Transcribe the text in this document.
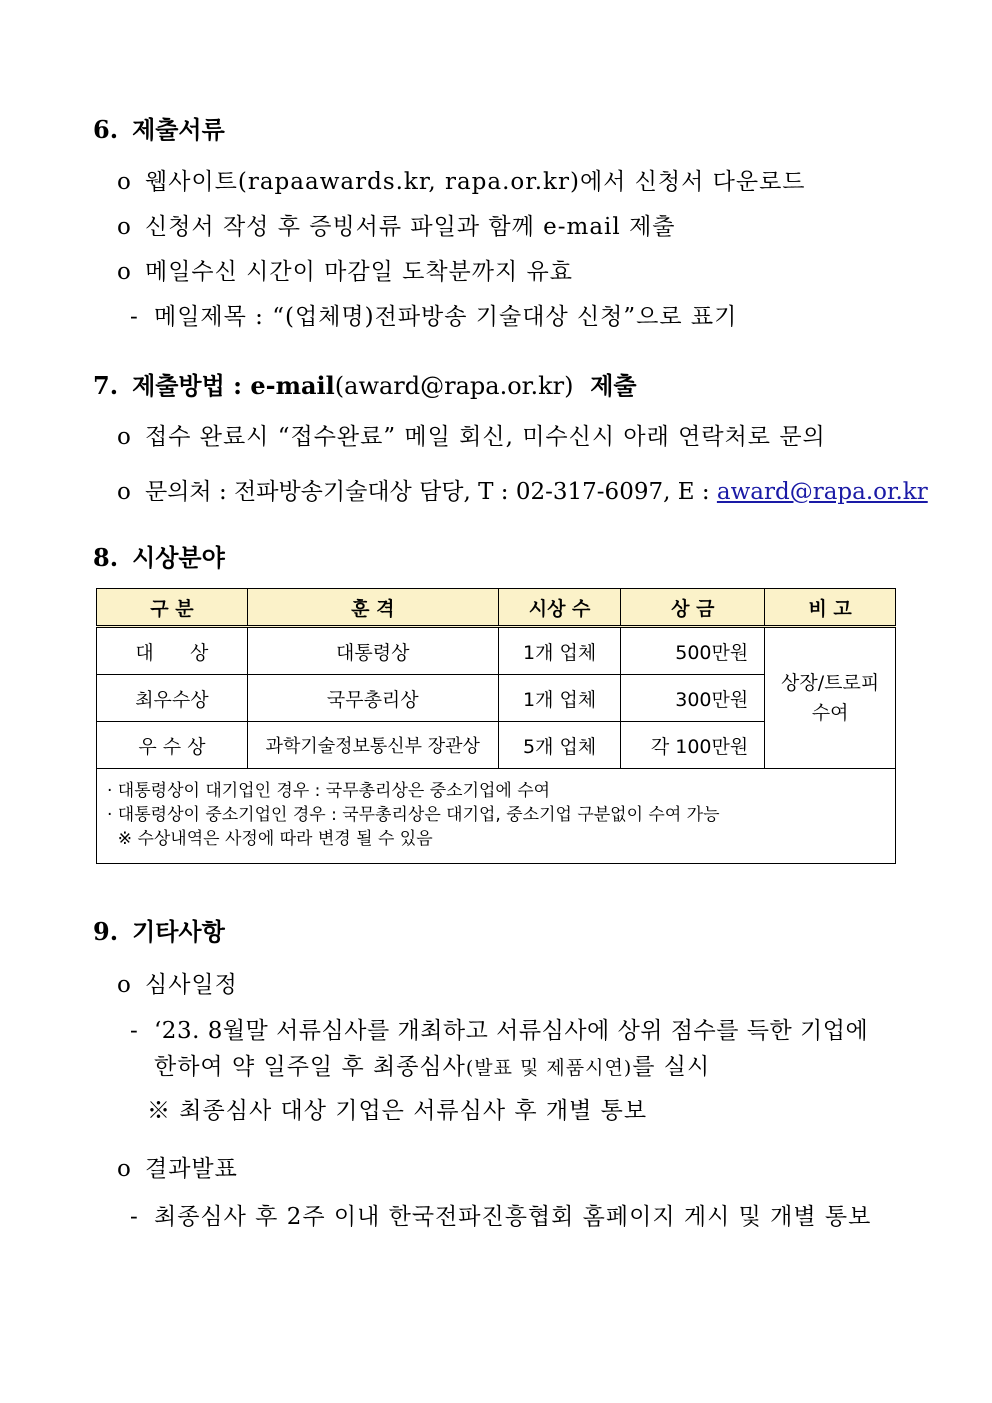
6. 제출서류
o 웹사이트(rapaawards.kr, rapa.or.kr)에서 신청서 다운로드
o 신청서 작성 후 증빙서류 파일과 함께 e-mail 제출
o 메일수신 시간이 마감일 도착분까지 유효
- 메일제목 : “(업체명)전파방송 기술대상 신청”으로 표기
7. 제출방법 : e-mail(award@rapa.or.kr) 제출
o 접수 완료시 “접수완료” 메일 회신, 미수신시 아래 연락처로 문의
o 문의처 : 전파방송기술대상 담당, T : 02-317-6097, E : award@rapa.or.kr
8. 시상분야
구 분	훈 격	시상 수	상 금	비 고
대      상	대통령상	1개 업체	500만원	상장/트로피
수여
최우수상	국무총리상	1개 업체	300만원	
우 수 상	과학기술정보통신부 장관상	5개 업체	각 100만원	

· 대통령상이 대기업인 경우 : 국무총리상은 중소기업에 수여
· 대통령상이 중소기업인 경우 : 국무총리상은 대기업, 중소기업 구분없이 수여 가능
※ 수상내역은 사정에 따라 변경 될 수 있음				
9. 기타사항
o 심사일정
- ‘23. 8월말 서류심사를 개최하고 서류심사에 상위 점수를 득한 기업에
한하여 약 일주일 후 최종심사(발표 및 제품시연)를 실시
※ 최종심사 대상 기업은 서류심사 후 개별 통보
o 결과발표
- 최종심사 후 2주 이내 한국전파진흥협회 홈페이지 게시 및 개별 통보
